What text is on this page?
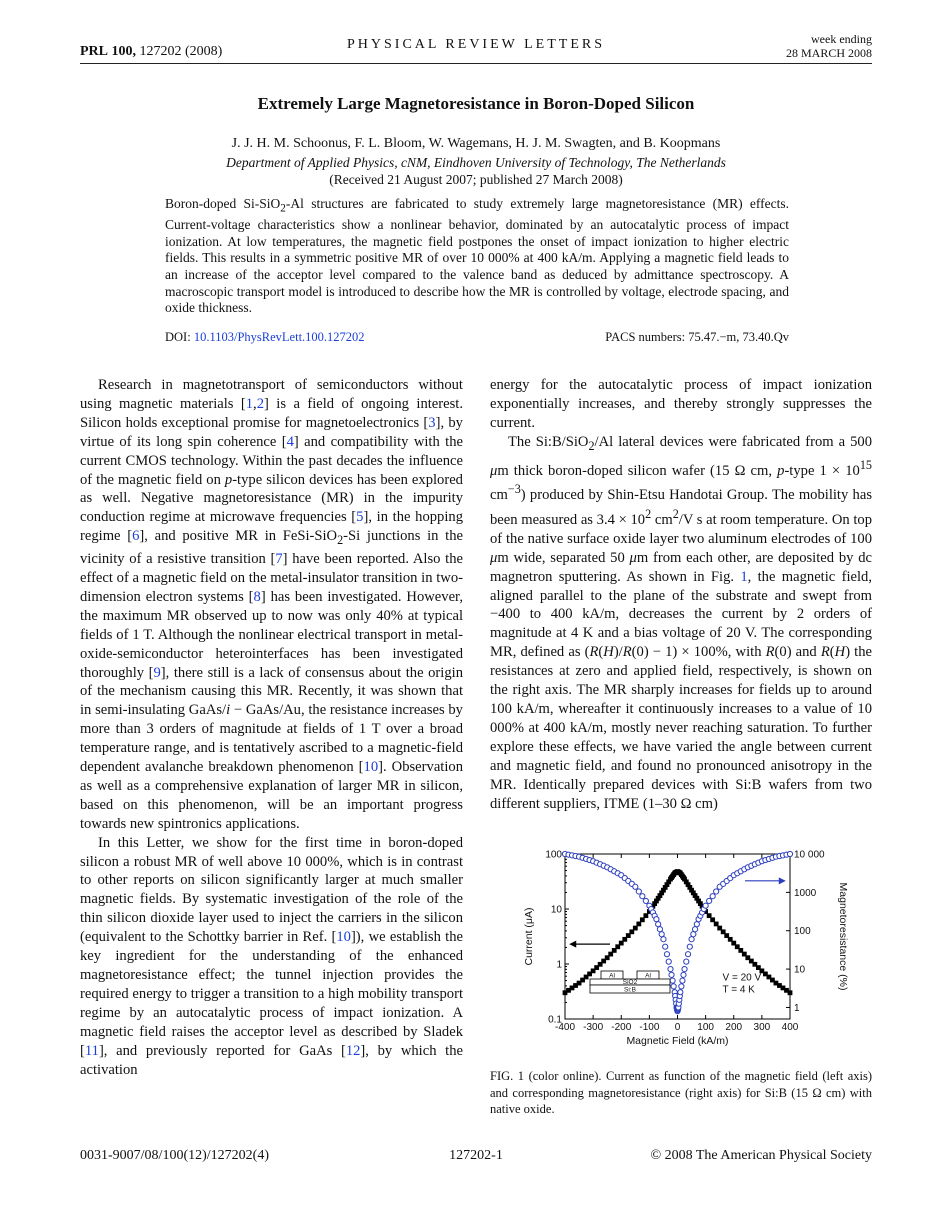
PRL 100, 127202 (2008)	PHYSICAL REVIEW LETTERS	week ending
28 MARCH 2008
Extremely Large Magnetoresistance in Boron-Doped Silicon
J. J. H. M. Schoonus, F. L. Bloom, W. Wagemans, H. J. M. Swagten, and B. Koopmans
Department of Applied Physics, cNM, Eindhoven University of Technology, The Netherlands
(Received 21 August 2007; published 27 March 2008)
Boron-doped Si-SiO$_2$-Al structures are fabricated to study extremely large magnetoresistance (MR) effects. Current-voltage characteristics show a nonlinear behavior, dominated by an autocatalytic process of impact ionization. At low temperatures, the magnetic field postpones the onset of impact ionization to higher electric fields. This results in a symmetric positive MR of over 10 000% at 400 kA/m. Applying a magnetic field leads to an increase of the acceptor level compared to the valence band as deduced by admittance spectroscopy. A macroscopic transport model is introduced to describe how the MR is controlled by voltage, electrode spacing, and oxide thickness.
DOI: 10.1103/PhysRevLett.100.127202	PACS numbers: 75.47.−m, 73.40.Qv

Research in magnetotransport of semiconductors without using magnetic materials [1,2] is a field of ongoing interest. Silicon holds exceptional promise for magnetoelectronics [3], by virtue of its long spin coherence [4] and compatibility with the current CMOS technology. Within the past decades the influence of the magnetic field on p-type silicon devices has been explored as well. Negative magnetoresistance (MR) in the impurity conduction regime at microwave frequencies [5], in the hopping regime [6], and positive MR in FeSi-SiO$_2$-Si junctions in the vicinity of a resistive transition [7] have been reported. Also the effect of a magnetic field on the metal-insulator transition in two-dimension electron systems [8] has been investigated. However, the maximum MR observed up to now was only 40% at typical fields of 1 T. Although the nonlinear electrical transport in metal-oxide-semiconductor heterointerfaces has been investigated thoroughly [9], there still is a lack of consensus about the origin of the mechanism causing this MR. Recently, it was shown that in semi-insulating GaAs/i − GaAs/Au, the resistance increases by more than 3 orders of magnitude at fields of 1 T over a broad temperature range, and is tentatively ascribed to a magnetic-field dependent avalanche breakdown phenomenon [10]. Observation as well as a comprehensive explanation of larger MR in silicon, based on this phenomenon, will be an important progress towards new spintronics applications.

In this Letter, we show for the first time in boron-doped silicon a robust MR of well above 10 000%, which is in contrast to other reports on silicon significantly larger at much smaller magnetic fields. By systematic investigation of the role of the thin silicon dioxide layer used to inject the carriers in the silicon (equivalent to the Schottky barrier in Ref. [10]), we establish the key ingredient for the understanding of the enhanced magnetoresistance effect; the tunnel injection provides the required energy to trigger a transition to a high mobility transport regime by an autocatalytic process of impact ionization. A magnetic field raises the acceptor level as described by Sladek [11], and previously reported for GaAs [12], by which the activation

energy for the autocatalytic process of impact ionization exponentially increases, and thereby strongly suppresses the current.

The Si:B/SiO$_2$/Al lateral devices were fabricated from a 500 μm thick boron-doped silicon wafer (15 Ω cm, p-type $1 \times 10^{15}$ $cm^{-3}$) produced by Shin-Etsu Handotai Group. The mobility has been measured as $3.4 \times 10^2$ $cm^2/V$ s at room temperature. On top of the native surface oxide layer two aluminum electrodes of 100 μm wide, separated 50 μm from each other, are deposited by dc magnetron sputtering. As shown in Fig. 1, the magnetic field, aligned parallel to the plane of the substrate and swept from −400 to 400 kA/m, decreases the current by 2 orders of magnitude at 4 K and a bias voltage of 20 V. The corresponding MR, defined as (R(H)/R(0) − 1) × 100%, with R(0) and R(H) the resistances at zero and applied field, respectively, is shown on the right axis. The MR sharply increases for fields up to around 100 kA/m, whereafter it continuously increases to a value of 10 000% at 400 kA/m, mostly never reaching saturation. To further explore these effects, we have varied the angle between current and magnetic field, and found no pronounced anisotropy in the MR. Identically prepared devices with Si:B wafers from two different suppliers, ITME (1–30 Ω cm)

-400 -300 -200 -100 0 100 200 300 400
Magnetic Field (kA/m)
0.1
1
10
100
Current (μA)
1
10
100
1000
10 000
Magnetoresistance (%)
Al	Al
SiO2
Si:B
V = 20 V
T = 4 K
FIG. 1 (color online). Current as function of the magnetic field (left axis) and corresponding magnetoresistance (right axis) for Si:B (15 Ω cm) with native oxide.
0031-9007/08/100(12)/127202(4)	127202-1	© 2008 The American Physical Society
